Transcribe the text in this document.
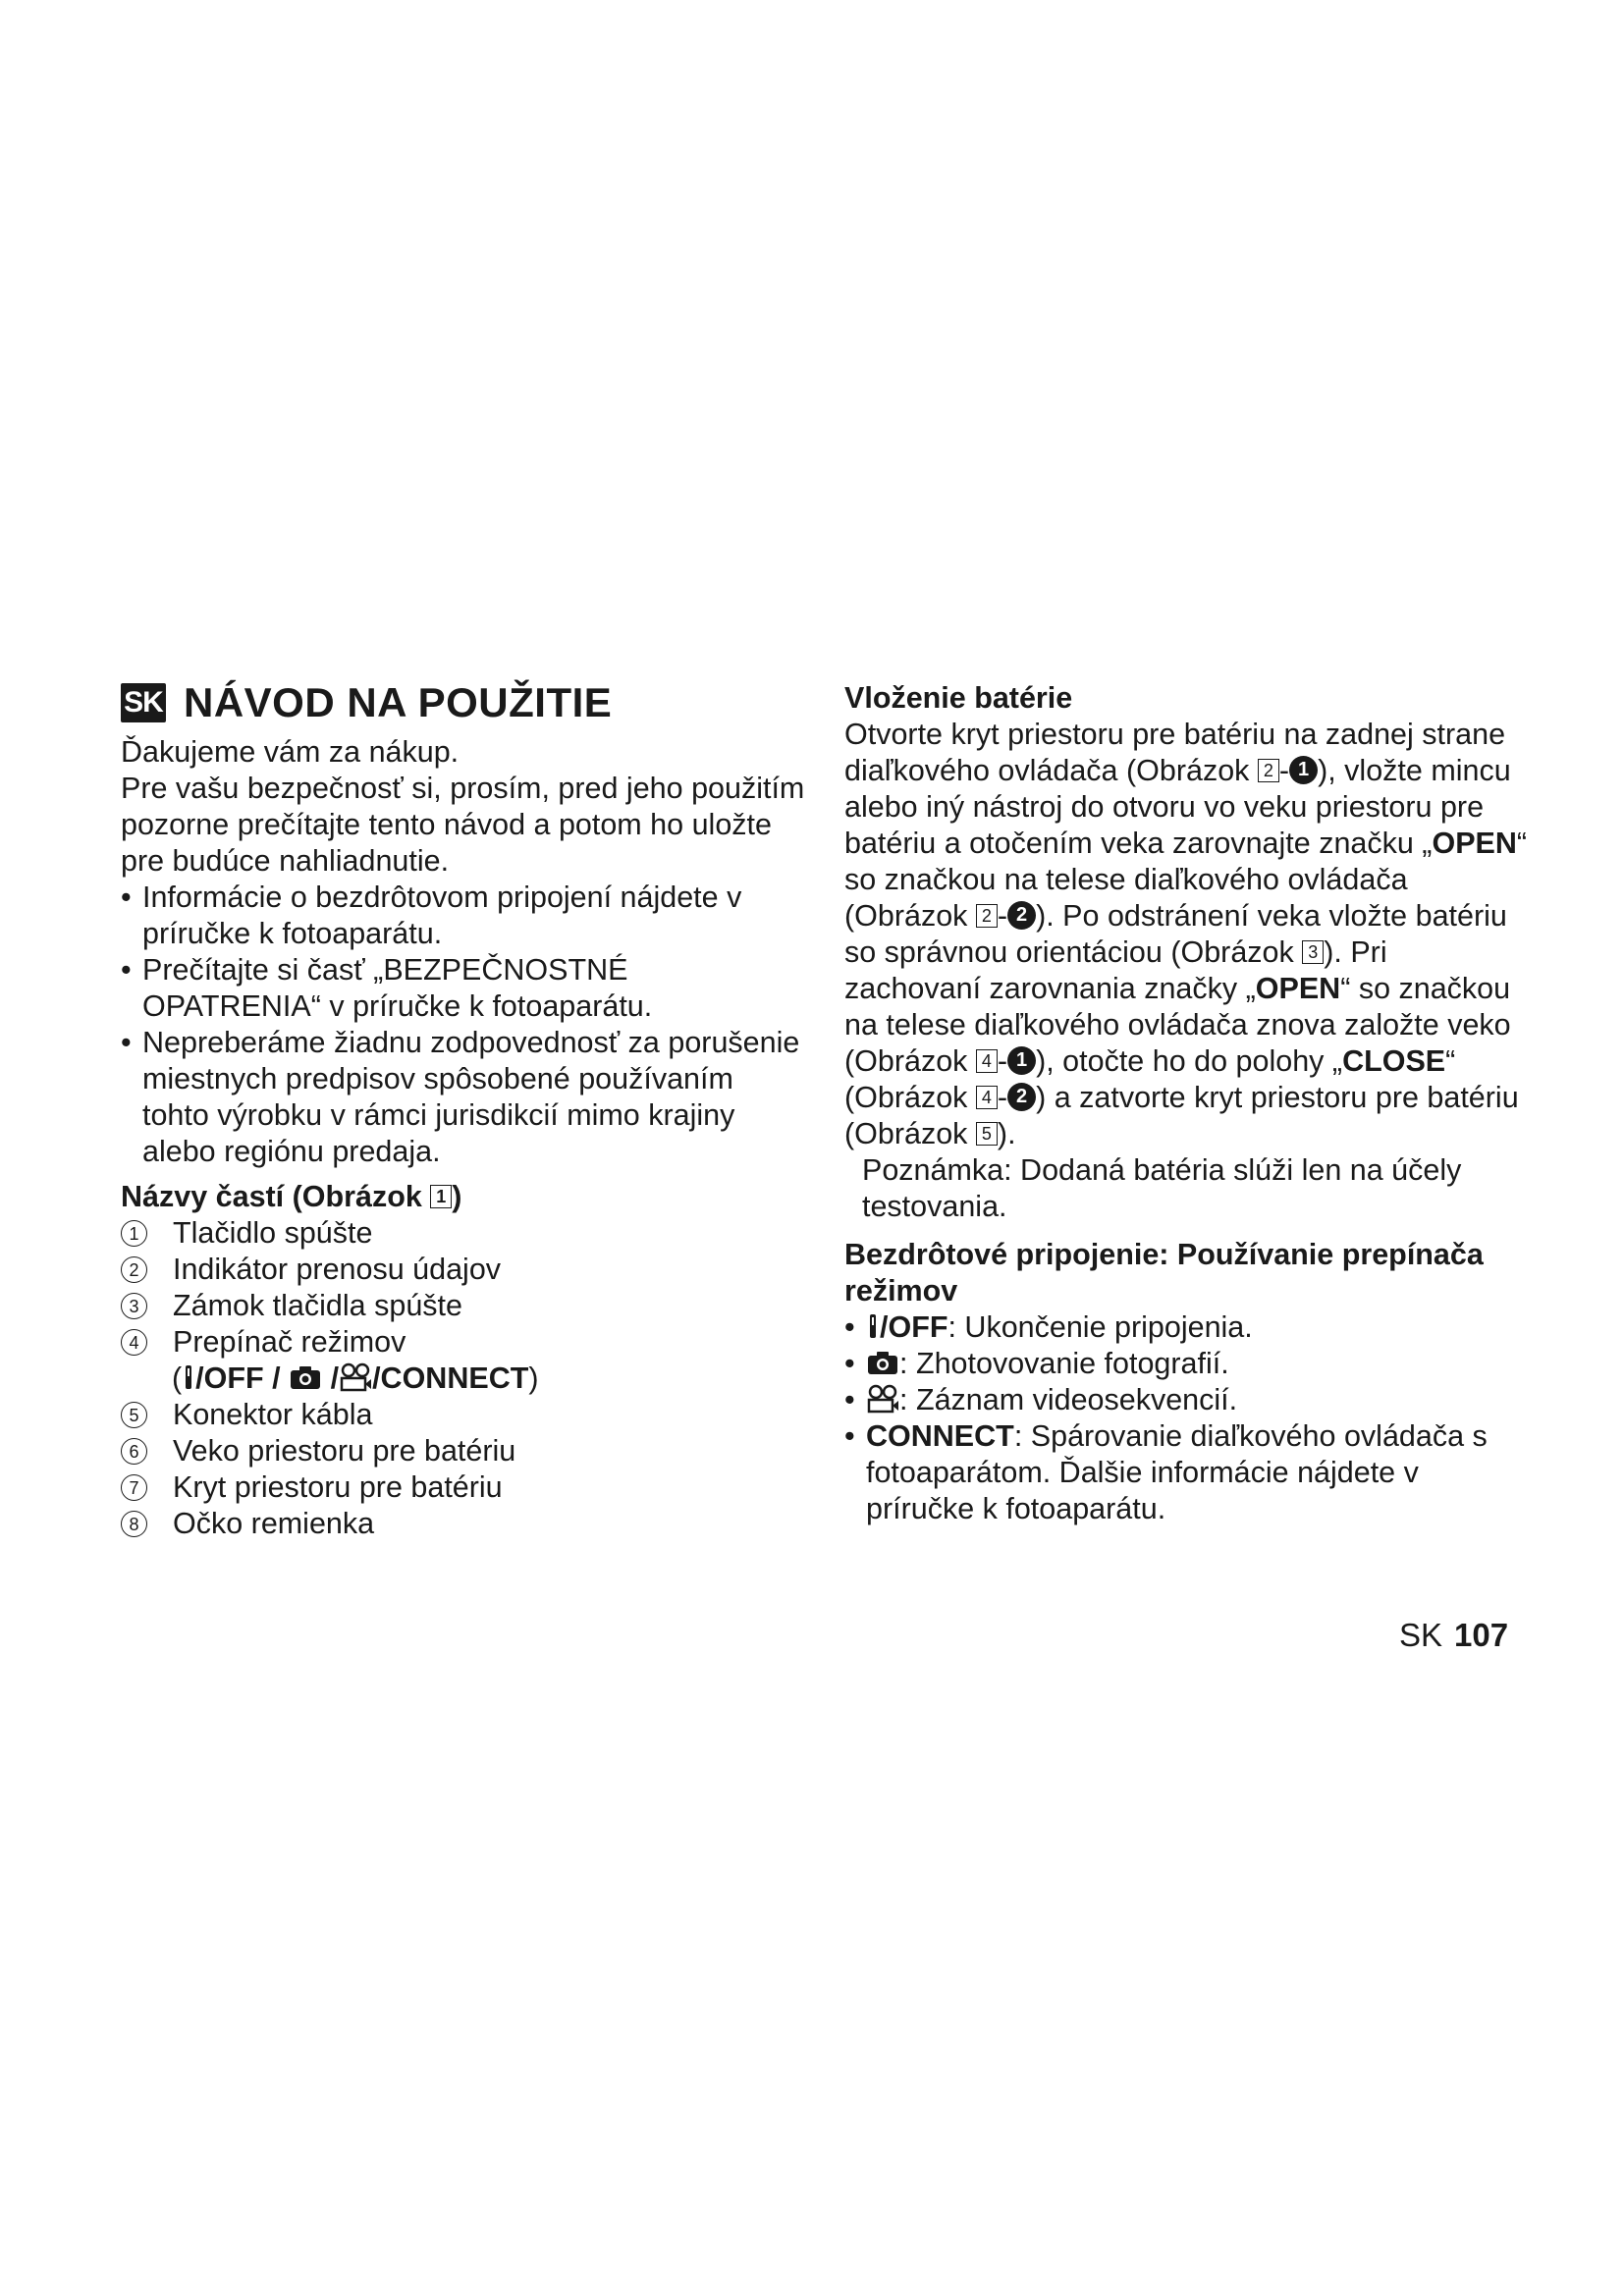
SK NÁVOD NA POUŽITIE

Ďakujeme vám za nákup.

Pre vašu bezpečnosť si, prosím, pred jeho použitím pozorne prečítajte tento návod a potom ho uložte pre budúce nahliadnutie.

• Informácie o bezdrôtovom pripojení nájdete v príručke k fotoaparátu.
• Prečítajte si časť „BEZPEČNOSTNÉ OPATRENIA“ v príručke k fotoaparátu.
• Nepreberáme žiadnu zodpovednosť za porušenie miestnych predpisov spôsobené používaním tohto výrobku v rámci jurisdikcií mimo krajiny alebo regiónu predaja.

Názvy častí (Obrázok 1 )

1 Tlačidlo spúšte
2 Indikátor prenosu údajov
3 Zámok tlačidla spúšte
4 Prepínač režimov
( /OFF / / /CONNECT)
5 Konektor kábla
6 Veko priestoru pre batériu
7 Kryt priestoru pre batériu
8 Očko remienka

Vloženie batérie

Otvorte kryt priestoru pre batériu na zadnej strane diaľkového ovládača (Obrázok 2 - 1 ), vložte mincu alebo iný nástroj do otvoru vo veku priestoru pre batériu a otočením veka zarovnajte značku „OPEN“ so značkou na telese diaľkového ovládača (Obrázok 2 - 2 ). Po odstránení veka vložte batériu so správnou orientáciou (Obrázok 3 ). Pri zachovaní zarovnania značky „OPEN“ so značkou na telese diaľkového ovládača znova založte veko (Obrázok 4 - 1 ), otočte ho do polohy „CLOSE“ (Obrázok 4 - 2 ) a zatvorte kryt priestoru pre batériu (Obrázok 5 ).

Poznámka: Dodaná batéria slúži len na účely testovania.

Bezdrôtové pripojenie: Používanie prepínača režimov

• /OFF: Ukončenie pripojenia.
• : Zhotovovanie fotografií.
• : Záznam videosekvencií.
• CONNECT: Spárovanie diaľkového ovládača s fotoaparátom. Ďalšie informácie nájdete v príručke k fotoaparátu.
SK 107
